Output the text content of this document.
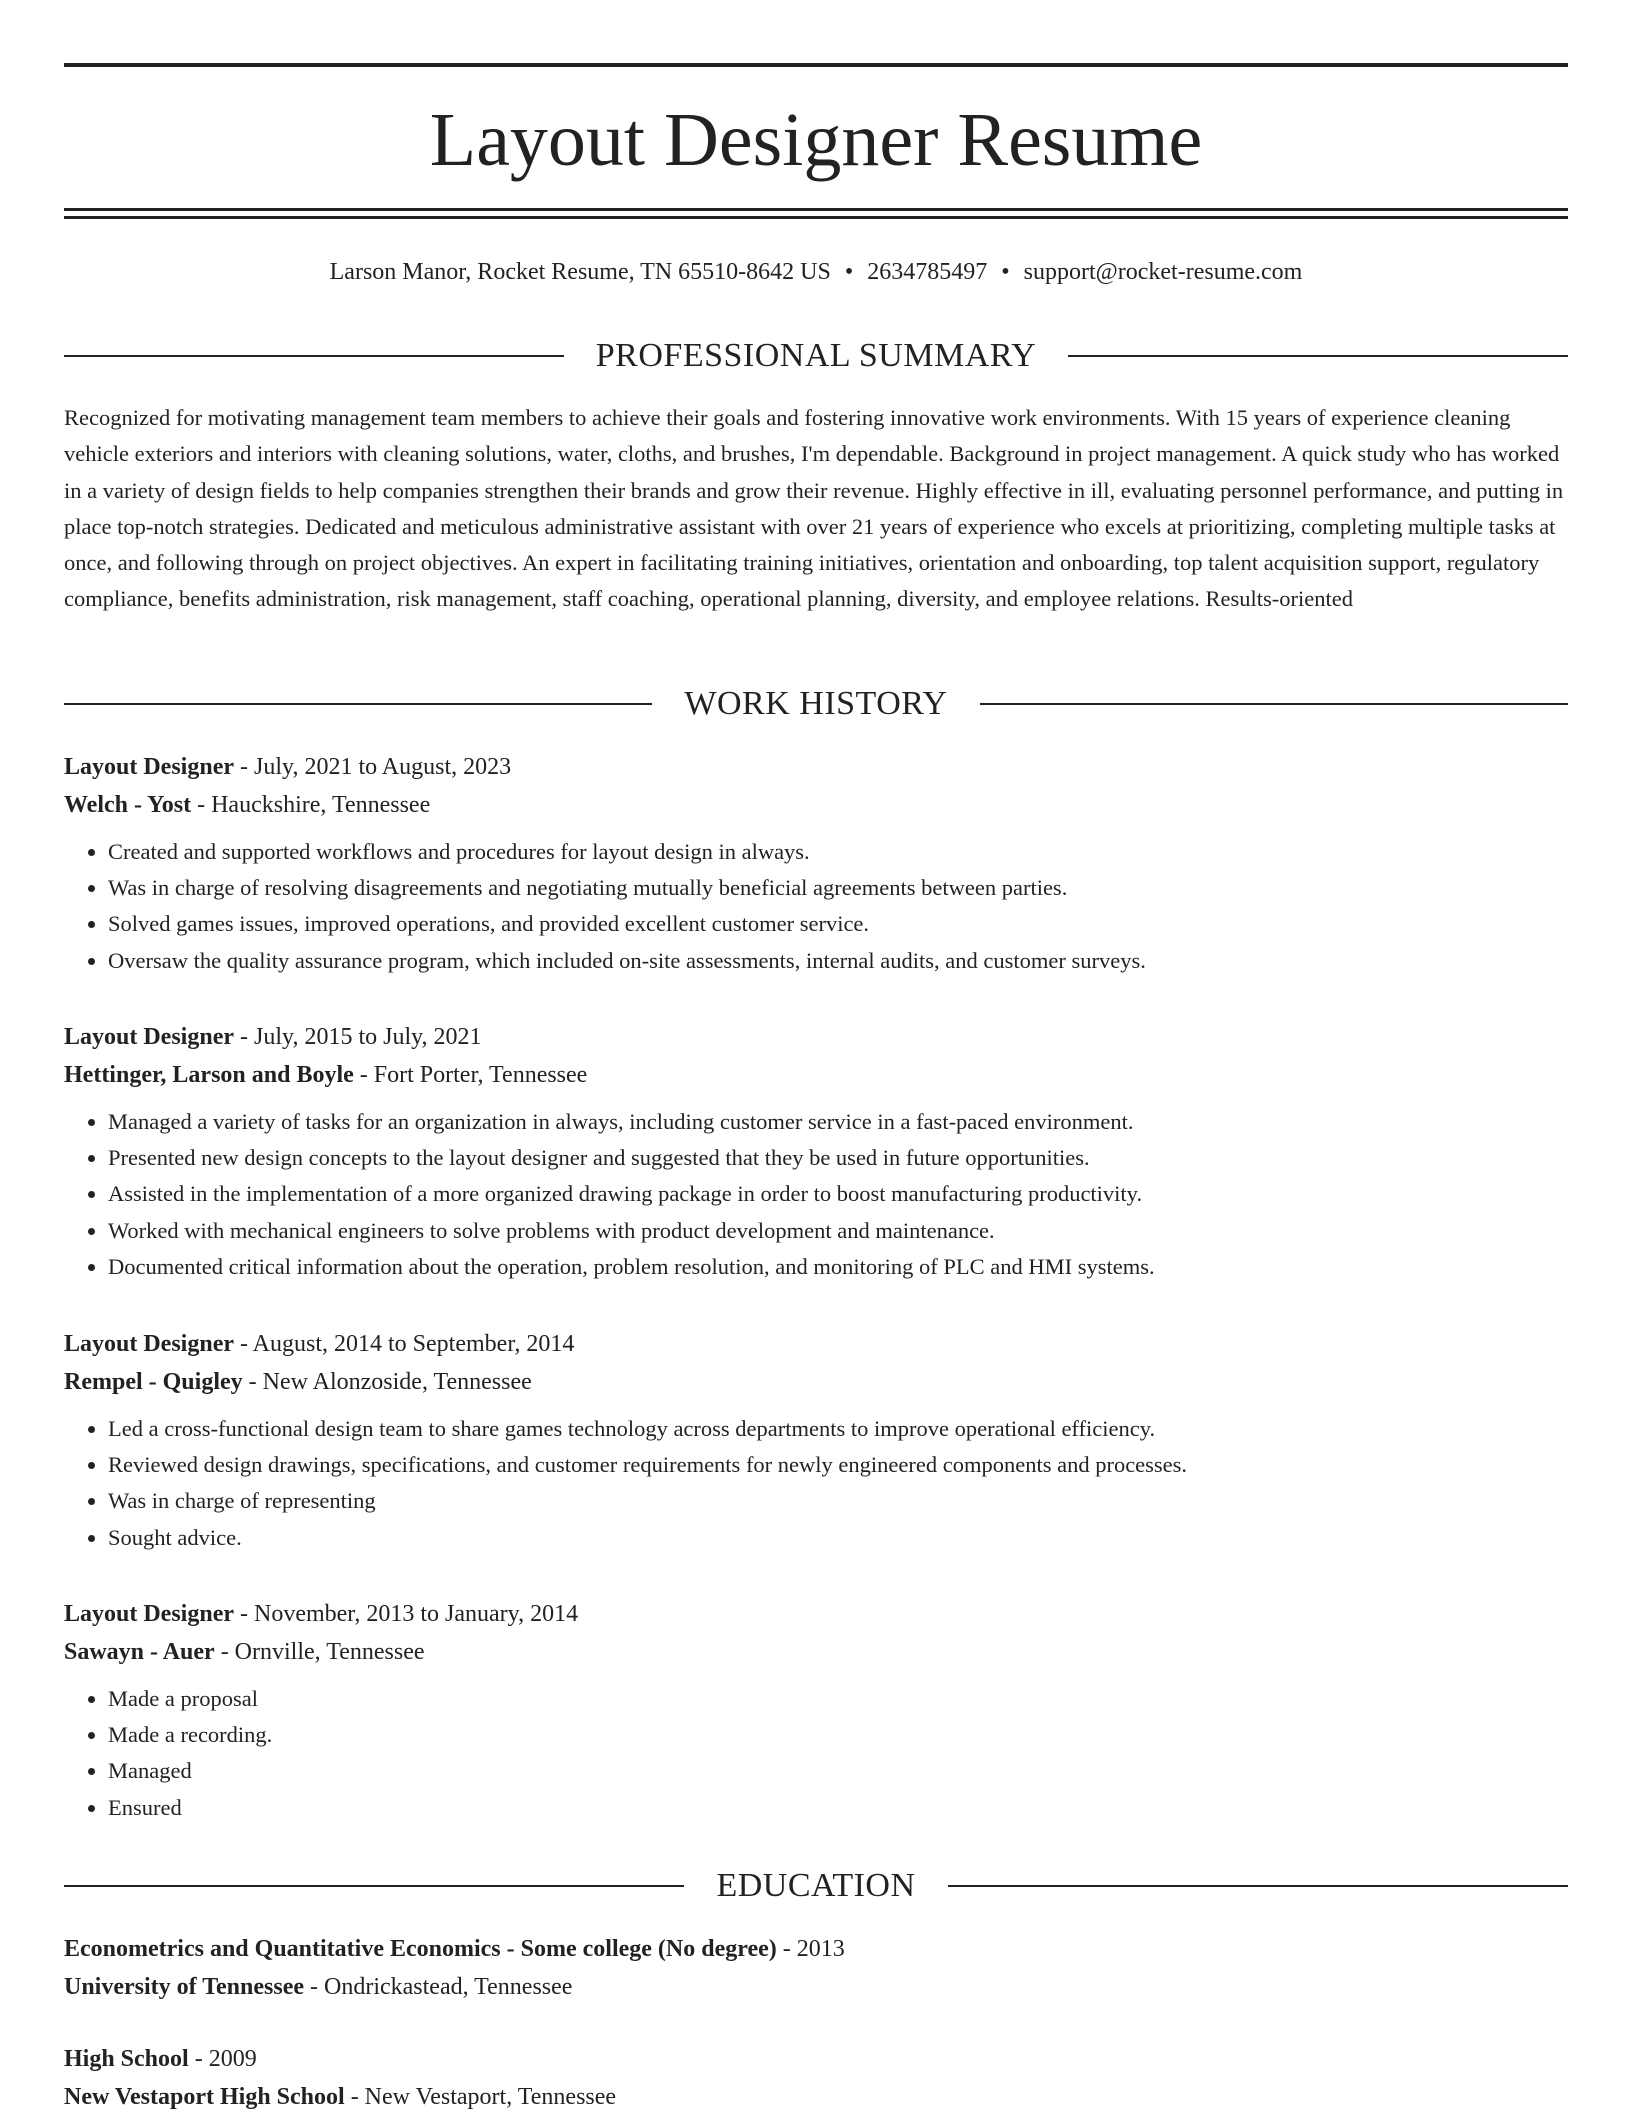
Layout Designer Resume
Larson Manor, Rocket Resume, TN 65510-8642 US • 2634785497 • support@rocket-resume.com
PROFESSIONAL SUMMARY

Recognized for motivating management team members to achieve their goals and fostering innovative work environments. With 15 years of experience cleaning vehicle exteriors and interiors with cleaning solutions, water, cloths, and brushes, I'm dependable. Background in project management. A quick study who has worked in a variety of design fields to help companies strengthen their brands and grow their revenue. Highly effective in ill, evaluating personnel performance, and putting in place top-notch strategies. Dedicated and meticulous administrative assistant with over 21 years of experience who excels at prioritizing, completing multiple tasks at once, and following through on project objectives. An expert in facilitating training initiatives, orientation and onboarding, top talent acquisition support, regulatory compliance, benefits administration, risk management, staff coaching, operational planning, diversity, and employee relations. Results-oriented

WORK HISTORY
Layout Designer - July, 2021 to August, 2023
Welch - Yost - Hauckshire, Tennessee
• Created and supported workflows and procedures for layout design in always.
• Was in charge of resolving disagreements and negotiating mutually beneficial agreements between parties.
• Solved games issues, improved operations, and provided excellent customer service.
• Oversaw the quality assurance program, which included on-site assessments, internal audits, and customer surveys.
Layout Designer - July, 2015 to July, 2021
Hettinger, Larson and Boyle - Fort Porter, Tennessee
• Managed a variety of tasks for an organization in always, including customer service in a fast-paced environment.
• Presented new design concepts to the layout designer and suggested that they be used in future opportunities.
• Assisted in the implementation of a more organized drawing package in order to boost manufacturing productivity.
• Worked with mechanical engineers to solve problems with product development and maintenance.
• Documented critical information about the operation, problem resolution, and monitoring of PLC and HMI systems.
Layout Designer - August, 2014 to September, 2014
Rempel - Quigley - New Alonzoside, Tennessee
• Led a cross-functional design team to share games technology across departments to improve operational efficiency.
• Reviewed design drawings, specifications, and customer requirements for newly engineered components and processes.
• Was in charge of representing
• Sought advice.
Layout Designer - November, 2013 to January, 2014
Sawayn - Auer - Ornville, Tennessee
• Made a proposal
• Made a recording.
• Managed
• Ensured
EDUCATION
Econometrics and Quantitative Economics - Some college (No degree) - 2013
University of Tennessee - Ondrickastead, Tennessee
High School - 2009
New Vestaport High School - New Vestaport, Tennessee
